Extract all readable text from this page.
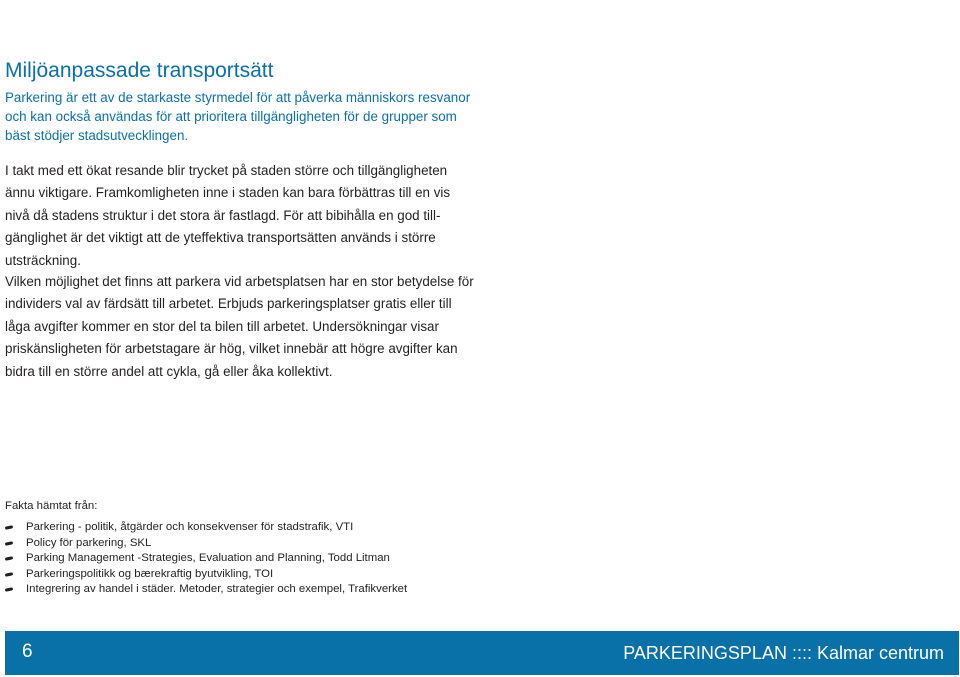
Miljöanpassade transportsätt

Parkering är ett av de starkaste styrmedel för att påverka människors resvanor och kan också användas för att prioritera tillgängligheten för de grupper som bäst stödjer stadsutvecklingen.

I takt med ett ökat resande blir trycket på staden större och tillgängligheten ännu viktigare. Framkomligheten inne i staden kan bara förbättras till en vis nivå då stadens struktur i det stora är fastlagd. För att bibihålla en god till-gänglighet är det viktigt att de yteffektiva transportsätten används i större utsträckning.

Vilken möjlighet det finns att parkera vid arbetsplatsen har en stor betydelse för individers val av färdsätt till arbetet. Erbjuds parkeringsplatser gratis eller till låga avgifter kommer en stor del ta bilen till arbetet. Undersökningar visar priskänsligheten för arbetstagare är hög, vilket innebär att högre avgifter kan bidra till en större andel att cykla, gå eller åka kollektivt.

Fakta hämtat från:

Parkering - politik, åtgärder och konsekvenser för stadstrafik, VTI
Policy för parkering, SKL
Parking Management -Strategies, Evaluation and Planning, Todd Litman
Parkeringspolitikk og bærekraftig byutvikling, TOI
Integrering av handel i städer. Metoder, strategier och exempel, Trafikverket
6	PARKERINGSPLAN :::: Kalmar centrum
